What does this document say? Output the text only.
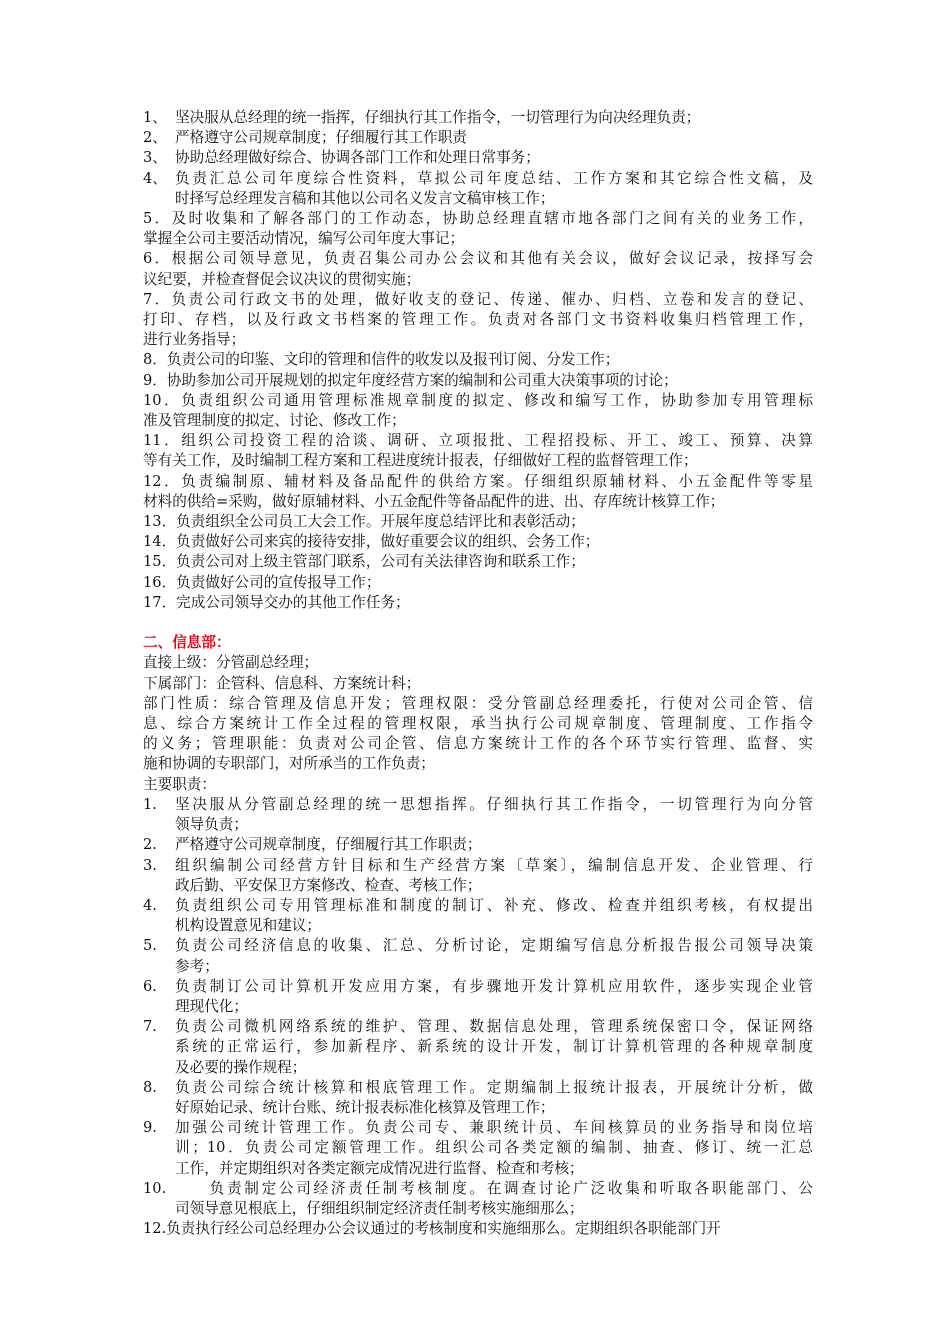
1、 坚决服从总经理的统一指挥，仔细执行其工作指令，一切管理行为向决经理负责；
2、 严格遵守公司规章制度；仔细履行其工作职责
3、 协助总经理做好综合、协调各部门工作和处理日常事务；
4、 负责汇总公司年度综合性资料，草拟公司年度总结、工作方案和其它综合性文稿，及
时择写总经理发言稿和其他以公司名义发言文稿审核工作；
5．及时收集和了解各部门的工作动态，协助总经理直辖市地各部门之间有关的业务工作，
掌握全公司主要活动情况，编写公司年度大事记；
6．根据公司领导意见，负责召集公司办公会议和其他有关会议，做好会议记录，按择写会
议纪要，并检查督促会议决议的贯彻实施；
7．负责公司行政文书的处理，做好收支的登记、传递、催办、归档、立卷和发言的登记、
打印、存档，以及行政文书档案的管理工作。负责对各部门文书资料收集归档管理工作，
进行业务指导；
8．负责公司的印鉴、文印的管理和信件的收发以及报刊订阅、分发工作；
9．协助参加公司开展规划的拟定年度经营方案的编制和公司重大决策事项的讨论；
10．负责组织公司通用管理标准规章制度的拟定、修改和编写工作，协助参加专用管理标
准及管理制度的拟定、讨论、修改工作；
11．组织公司投资工程的洽谈、调研、立项报批、工程招投标、开工、竣工、预算、决算
等有关工作，及时编制工程方案和工程进度统计报表，仔细做好工程的监督管理工作；
12．负责编制原、辅材料及备品配件的供给方案。仔细组织原辅材料、小五金配件等零星
材料的供给=采购，做好原辅材料、小五金配件等备品配件的进、出、存库统计核算工作；
13．负责组织全公司员工大会工作。开展年度总结评比和表彰活动；
14．负责做好公司来宾的接待安排，做好重要会议的组织、会务工作；
15．负责公司对上级主管部门联系，公司有关法律咨询和联系工作；
16．负责做好公司的宣传报导工作；
17．完成公司领导交办的其他工作任务；
二、信息部：
直接上级：分管副总经理；
下属部门：企管科、信息科、方案统计科；
部门性质：综合管理及信息开发；管理权限：受分管副总经理委托，行使对公司企管、信
息、综合方案统计工作全过程的管理权限，承当执行公司规章制度、管理制度、工作指令
的义务；管理职能：负责对公司企管、信息方案统计工作的各个环节实行管理、监督、实
施和协调的专职部门，对所承当的工作负责；
主要职责：
1. 坚决服从分管副总经理的统一思想指挥。仔细执行其工作指令，一切管理行为向分管
领导负责；
2. 严格遵守公司规章制度，仔细履行其工作职责；
3. 组织编制公司经营方针目标和生产经营方案〔草案〕，编制信息开发、企业管理、行
政后勤、平安保卫方案修改、检查、考核工作；
4. 负责组织公司专用管理标准和制度的制订、补充、修改、检查并组织考核，有权提出
机构设置意见和建议；
5. 负责公司经济信息的收集、汇总、分析讨论，定期编写信息分析报告报公司领导决策
参考；
6. 负责制订公司计算机开发应用方案，有步骤地开发计算机应用软件，逐步实现企业管
理现代化；
7. 负责公司微机网络系统的维护、管理、数据信息处理，管理系统保密口令，保证网络
系统的正常运行，参加新程序、新系统的设计开发，制订计算机管理的各种规章制度
及必要的操作规程；
8. 负责公司综合统计核算和根底管理工作。定期编制上报统计报表，开展统计分析，做
好原始记录、统计台账、统计报表标准化核算及管理工作；
9. 加强公司统计管理工作。负责公司专、兼职统计员、车间核算员的业务指导和岗位培
训；10．负责公司定额管理工作。组织公司各类定额的编制、抽查、修订、统一汇总
工作，并定期组织对各类定额完成情况进行监督、检查和考核；
10. 　　负责制定公司经济责任制考核制度。在调查讨论广泛收集和听取各职能部门、公
司领导意见根底上，仔细组织制定经济责任制考核实施细那么；
12.负责执行经公司总经理办公会议通过的考核制度和实施细那么。定期组织各职能部门开
